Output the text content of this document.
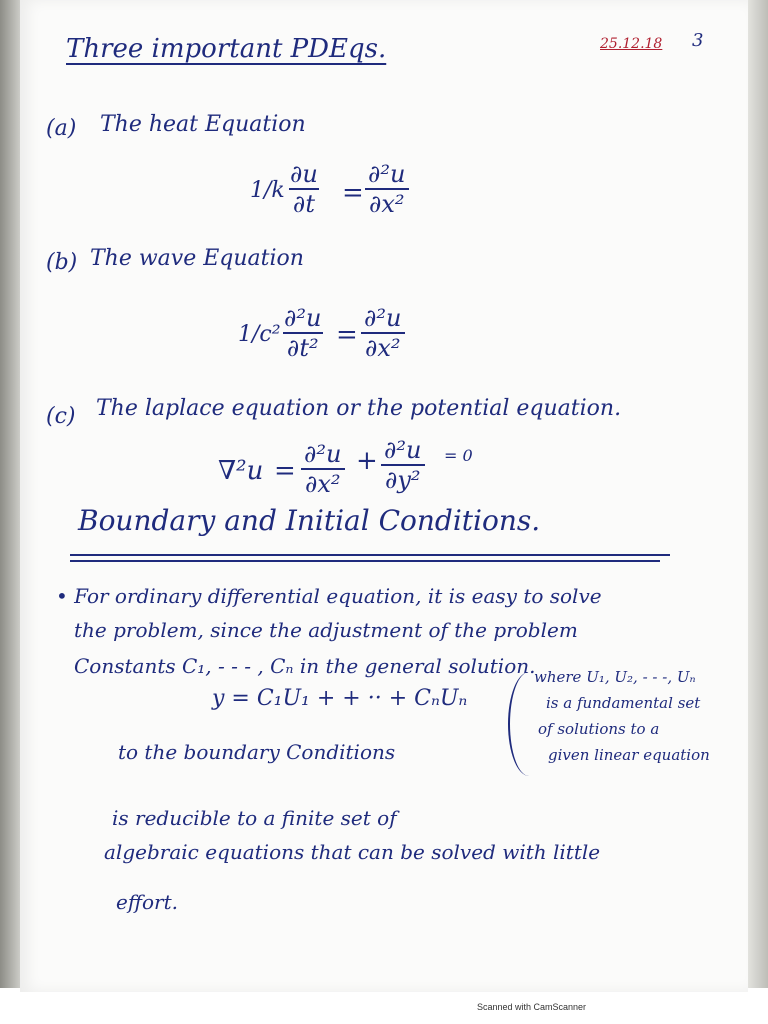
Three important PDEqs.	25.12.18 3
(a) The heat Equation
$1/k \frac{\partial u}{\partial t} = \frac{\text{∂²u}}{\text{∂x²}}$
(b) The wave Equation
$1/c^2 \frac{\text{∂²u}}{\text{∂t²}} = \frac{\text{∂²u}}{\text{∂x²}}$
(c) The laplace equation or the potential equation.
$\nabla^2u = \frac{\text{∂²u}}{\text{∂x²}} + \frac{\text{∂²u}}{\text{∂y²}} = 0$
Boundary and Initial Conditions.
• For ordinary differential equation, it is easy to solve
the problem, since the adjustment of the problem
Constants C₁, - - - , Cₙ in the general solution.
y = C₁U₁ + + ·· + CₙUₙ
to the boundary Conditions
is reducible to a finite set of
algebraic equations that can be solved with little
effort.
where U₁, U₂, - - -, Uₙ
is a fundamental set
of solutions to a
given linear equation
Scanned with CamScanner
